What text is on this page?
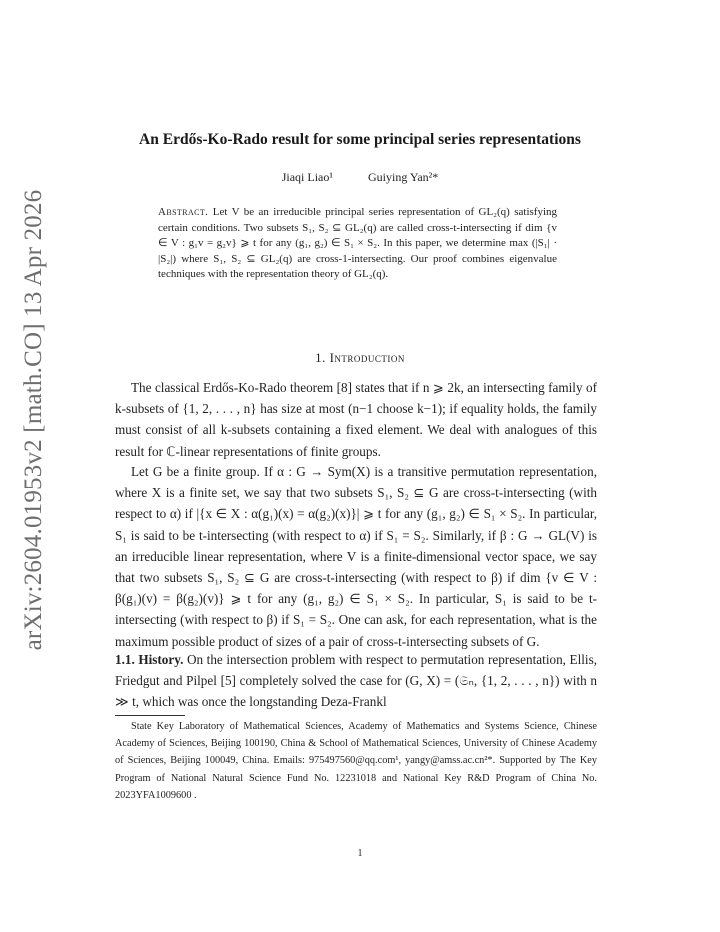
arXiv:2604.01953v2 [math.CO] 13 Apr 2026
An Erdős-Ko-Rado result for some principal series representations
Jiaqi Liao¹	Guiying Yan²*
Abstract. Let V be an irreducible principal series representation of GL₂(q) satisfying certain conditions. Two subsets S₁, S₂ ⊆ GL₂(q) are called cross-t-intersecting if dim {v ∈ V : g₁v = g₂v} ⩾ t for any (g₁, g₂) ∈ S₁ × S₂. In this paper, we determine max (|S₁| · |S₂|) where S₁, S₂ ⊆ GL₂(q) are cross-1-intersecting. Our proof combines eigenvalue techniques with the representation theory of GL₂(q).
1. Introduction
The classical Erdős-Ko-Rado theorem [8] states that if n ⩾ 2k, an intersecting family of k-subsets of {1, 2, . . . , n} has size at most (n−1 choose k−1); if equality holds, the family must consist of all k-subsets containing a fixed element. We deal with analogues of this result for ℂ-linear representations of finite groups.
Let G be a finite group. If α : G → Sym(X) is a transitive permutation representation, where X is a finite set, we say that two subsets S₁, S₂ ⊆ G are cross-t-intersecting (with respect to α) if |{x ∈ X : α(g₁)(x) = α(g₂)(x)}| ⩾ t for any (g₁, g₂) ∈ S₁ × S₂. In particular, S₁ is said to be t-intersecting (with respect to α) if S₁ = S₂. Similarly, if β : G → GL(V) is an irreducible linear representation, where V is a finite-dimensional vector space, we say that two subsets S₁, S₂ ⊆ G are cross-t-intersecting (with respect to β) if dim {v ∈ V : β(g₁)(v) = β(g₂)(v)} ⩾ t for any (g₁, g₂) ∈ S₁ × S₂. In particular, S₁ is said to be t-intersecting (with respect to β) if S₁ = S₂. One can ask, for each representation, what is the maximum possible product of sizes of a pair of cross-t-intersecting subsets of G.
1.1. History. On the intersection problem with respect to permutation representation, Ellis, Friedgut and Pilpel [5] completely solved the case for (G, X) = (𝔖ₙ, {1, 2, . . . , n}) with n ≫ t, which was once the longstanding Deza-Frankl
State Key Laboratory of Mathematical Sciences, Academy of Mathematics and Systems Science, Chinese Academy of Sciences, Beijing 100190, China & School of Mathematical Sciences, University of Chinese Academy of Sciences, Beijing 100049, China. Emails: 975497560@qq.com¹, yangy@amss.ac.cn²*. Supported by The Key Program of National Natural Science Fund No. 12231018 and National Key R&D Program of China No. 2023YFA1009600 .
1
